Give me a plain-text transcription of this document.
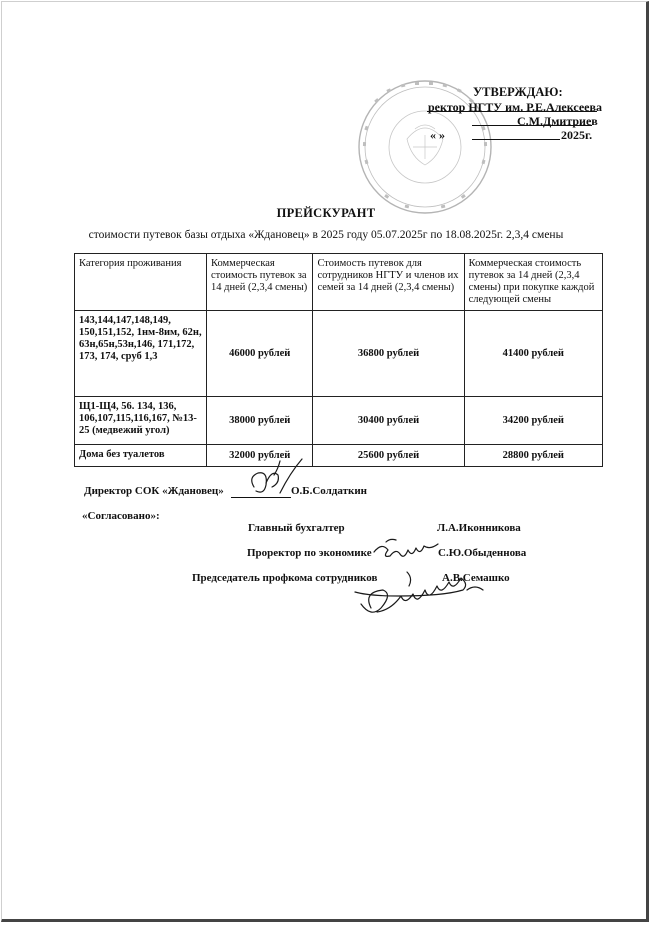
УТВЕРЖДАЮ:
ректор НГТУ им. Р.Е.Алексеева
С.М.Дмитриев
« »	2025г.
ПРЕЙСКУРАНТ
стоимости путевок базы отдыха «Ждановец» в 2025 году 05.07.2025г по 18.08.2025г. 2,3,4 смены
Категория проживания	Коммерческая стоимость путевок за 14 дней (2,3,4 смены)	Стоимость путевок для сотрудников НГТУ и членов их семей за 14 дней (2,3,4 смены)	Коммерческая стоимость путевок за 14 дней (2,3,4 смены) при покупке каждой следующей смены
143,144,147,148,149, 150,151,152, 1нм-8им, 62н, 63н,65н,53н,146, 171,172, 173, 174, сруб 1,3	46000 рублей	36800 рублей	41400 рублей
Щ1-Щ4, 56. 134, 136, 106,107,115,116,167, №13-25 (медвежий угол)	38000 рублей	30400 рублей	34200 рублей
Дома без туалетов	32000 рублей	25600 рублей	28800 рублей
Директор СОК «Ждановец»	О.Б.Солдаткин
«Согласовано»:
Главный бухгалтер	Л.А.Иконникова
Проректор по экономике	С.Ю.Обыденнова
Председатель профкома сотрудников	А.В.Семашко
